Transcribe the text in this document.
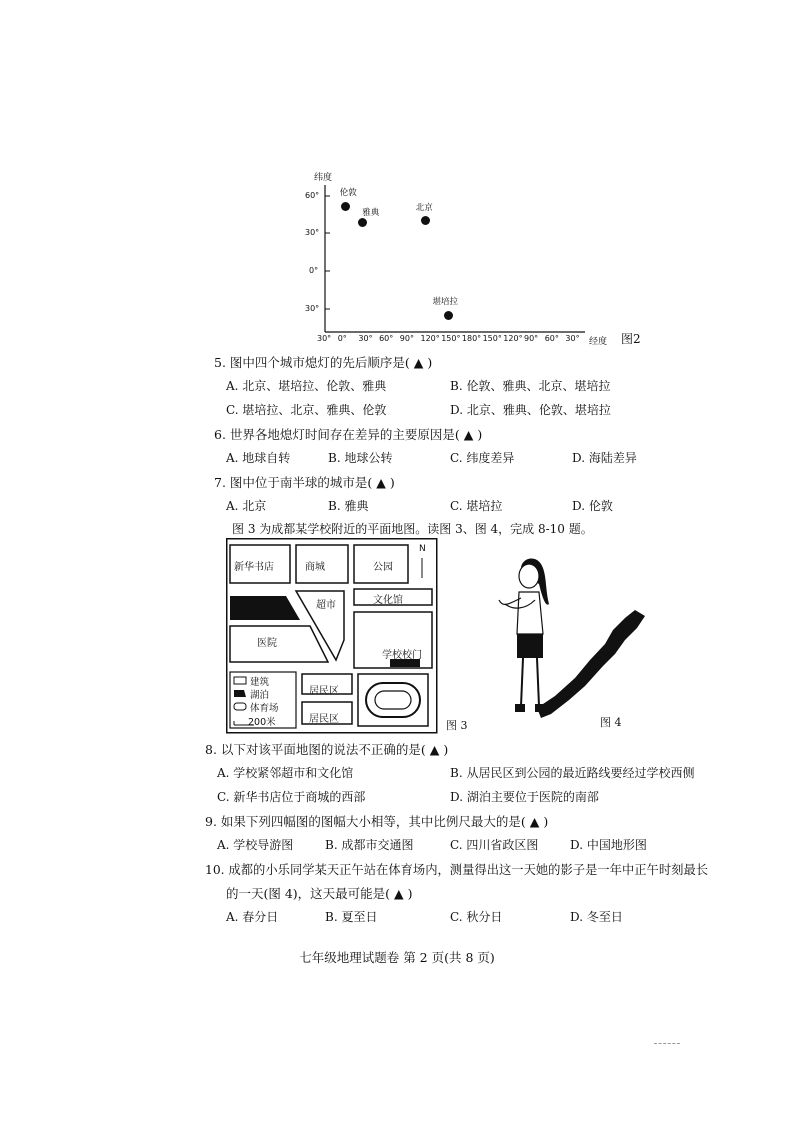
纬度
60°
30°
0°
30°
30° 0° 30° 60° 90° 120° 150° 180° 150° 120° 90° 60° 30° 经度 图2
伦敦
雅典	北京
堪培拉
5. 图中四个城市熄灯的先后顺序是( ▲ )
A. 北京、堪培拉、伦敦、雅典	B. 伦敦、雅典、北京、堪培拉
C. 堪培拉、北京、雅典、伦敦	D. 北京、雅典、伦敦、堪培拉
6. 世界各地熄灯时间存在差异的主要原因是( ▲ )
A. 地球自转	B. 地球公转	C. 纬度差异	D. 海陆差异
7. 图中位于南半球的城市是( ▲ )
A. 北京	B. 雅典	C. 堪培拉	D. 伦敦
图 3 为成都某学校附近的平面地图。读图 3、图 4，完成 8-10 题。
新华书店	商城	公园
N
超市	文化馆
医院
学校校门
居民区
居民区
建筑
湖泊
体育场
200米	图 3	图 4
8. 以下对该平面地图的说法不正确的是( ▲ )
A. 学校紧邻超市和文化馆	B. 从居民区到公园的最近路线要经过学校西侧
C. 新华书店位于商城的西部	D. 湖泊主要位于医院的南部
9. 如果下列四幅图的图幅大小相等，其中比例尺最大的是( ▲ )
A. 学校导游图	B. 成都市交通图	C. 四川省政区图	D. 中国地形图
10. 成都的小乐同学某天正午站在体育场内，测量得出这一天她的影子是一年中正午时刻最长
的一天(图 4)，这天最可能是( ▲ )
A. 春分日	B. 夏至日	C. 秋分日	D. 冬至日
七年级地理试题卷 第 2 页(共 8 页)
